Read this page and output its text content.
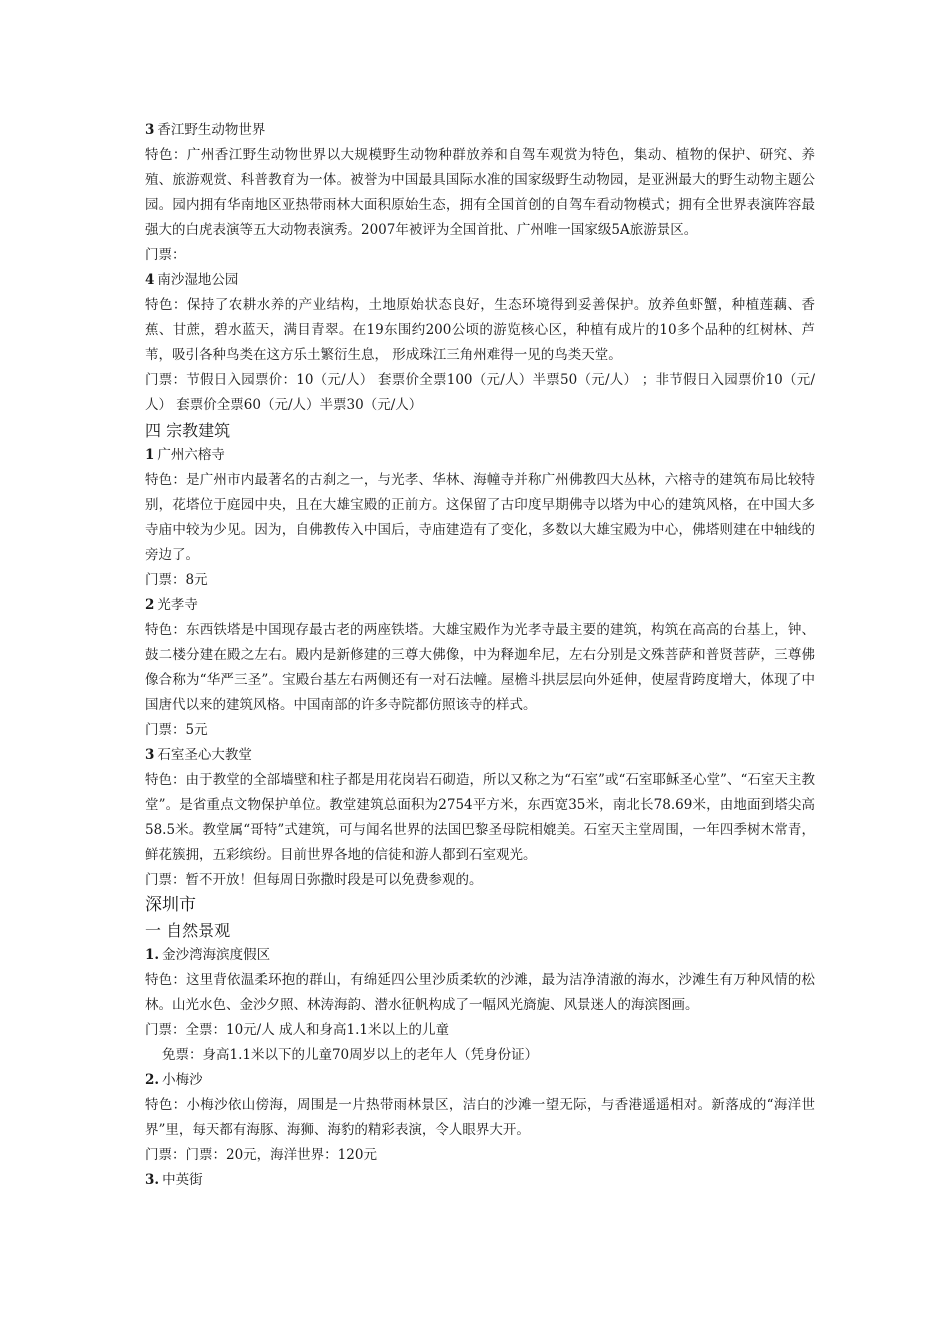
3 香江野生动物世界

特色：广州香江野生动物世界以大规模野生动物种群放养和自驾车观赏为特色，集动、植物的保护、研究、养殖、旅游观赏、科普教育为一体。被誉为中国最具国际水准的国家级野生动物园，是亚洲最大的野生动物主题公园。园内拥有华南地区亚热带雨林大面积原始生态，拥有全国首创的自驾车看动物模式；拥有全世界表演阵容最强大的白虎表演等五大动物表演秀。2007年被评为全国首批、广州唯一国家级5A旅游景区。

门票：

4 南沙湿地公园

特色：保持了农耕水养的产业结构，土地原始状态良好，生态环境得到妥善保护。放养鱼虾蟹，种植莲藕、香蕉、甘蔗，碧水蓝天，满目青翠。在19东围约200公顷的游览核心区，种植有成片的10多个品种的红树林、芦苇，吸引各种鸟类在这方乐土繁衍生息， 形成珠江三角州难得一见的鸟类天堂。

门票：节假日入园票价：10（元/人） 套票价全票100（元/人）半票50（元/人） ；非节假日入园票价10（元/人） 套票价全票60（元/人）半票30（元/人）

四 宗教建筑

1 广州六榕寺

特色：是广州市内最著名的古刹之一，与光孝、华林、海幢寺并称广州佛教四大丛林，六榕寺的建筑布局比较特别，花塔位于庭园中央，且在大雄宝殿的正前方。这保留了古印度早期佛寺以塔为中心的建筑风格，在中国大多寺庙中较为少见。因为，自佛教传入中国后，寺庙建造有了变化，多数以大雄宝殿为中心，佛塔则建在中轴线的旁边了。

门票：8元

2 光孝寺

特色：东西铁塔是中国现存最古老的两座铁塔。大雄宝殿作为光孝寺最主要的建筑，构筑在高高的台基上，钟、鼓二楼分建在殿之左右。殿内是新修建的三尊大佛像，中为释迦牟尼，左右分别是文殊菩萨和普贤菩萨，三尊佛像合称为“华严三圣”。宝殿台基左右两侧还有一对石法幢。屋檐斗拱层层向外延伸，使屋背跨度增大，体现了中国唐代以来的建筑风格。中国南部的许多寺院都仿照该寺的样式。

门票：5元

3 石室圣心大教堂

特色：由于教堂的全部墙壁和柱子都是用花岗岩石砌造，所以又称之为“石室”或“石室耶稣圣心堂”、“石室天主教堂”。是省重点文物保护单位。教堂建筑总面积为2754平方米，东西宽35米，南北长78.69米，由地面到塔尖高58.5米。教堂属“哥特”式建筑，可与闻名世界的法国巴黎圣母院相媲美。石室天主堂周围，一年四季树木常青，鲜花簇拥，五彩缤纷。目前世界各地的信徒和游人都到石室观光。

门票：暂不开放！但每周日弥撒时段是可以免费参观的。

深圳市

一 自然景观

1. 金沙湾海滨度假区

特色：这里背依温柔环抱的群山，有绵延四公里沙质柔软的沙滩，最为洁净清澈的海水，沙滩生有万种风情的松林。山光水色、金沙夕照、林涛海韵、潜水征帆构成了一幅风光旖旎、风景迷人的海滨图画。

门票：全票：10元/人 成人和身高1.1米以上的儿童

免票：身高1.1米以下的儿童70周岁以上的老年人（凭身份证）

2. 小梅沙

特色：小梅沙依山傍海，周围是一片热带雨林景区，洁白的沙滩一望无际，与香港遥遥相对。新落成的“海洋世界”里，每天都有海豚、海狮、海豹的精彩表演，令人眼界大开。

门票：门票：20元，海洋世界：120元

3. 中英街
